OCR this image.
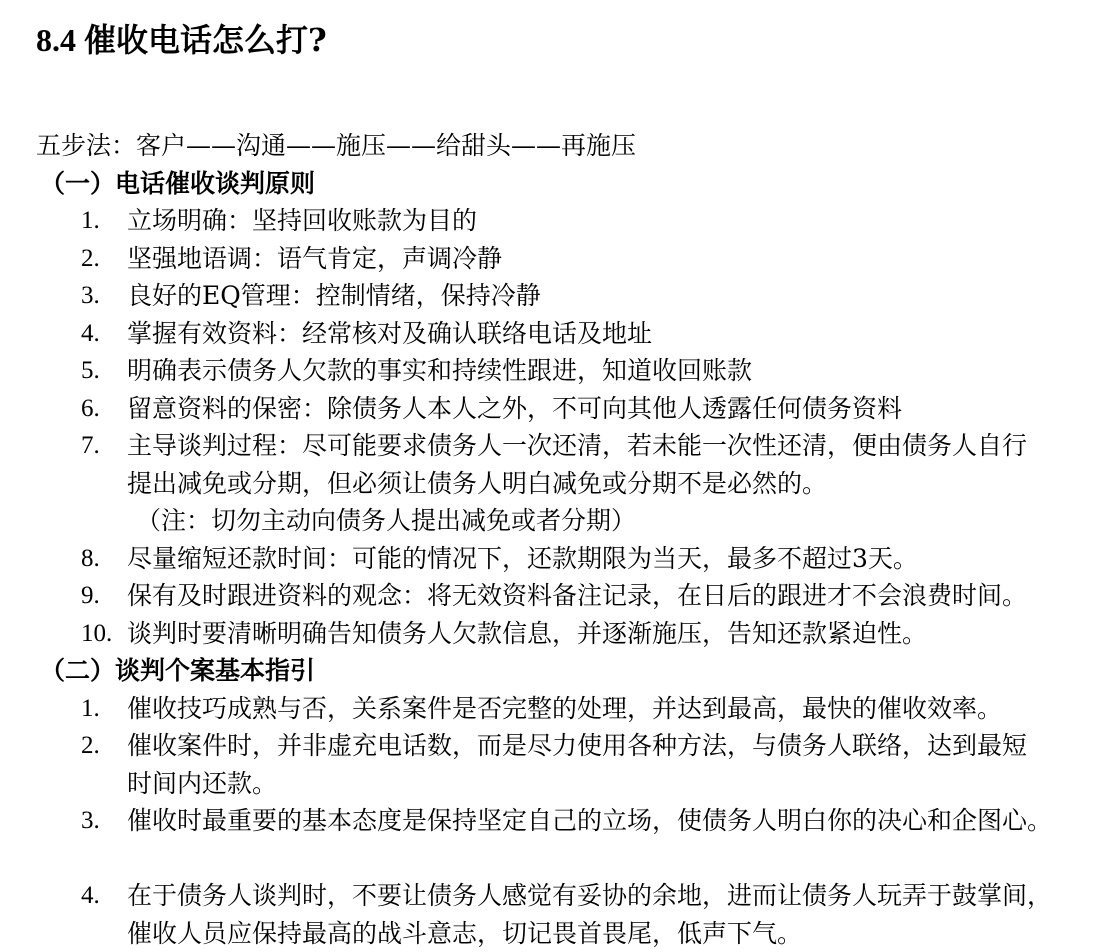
8.4 催收电话怎么打?
五步法：客户——沟通——施压——给甜头——再施压
（一）电话催收谈判原则
1.	立场明确：坚持回收账款为目的
2.	坚强地语调：语气肯定，声调冷静
3.	良好的EQ管理：控制情绪，保持冷静
4.	掌握有效资料：经常核对及确认联络电话及地址
5.	明确表示债务人欠款的事实和持续性跟进，知道收回账款
6.	留意资料的保密：除债务人本人之外，不可向其他人透露任何债务资料
7.	主导谈判过程：尽可能要求债务人一次还清，若未能一次性还清，便由债务人自行
提出减免或分期，但必须让债务人明白减免或分期不是必然的。
（注：切勿主动向债务人提出减免或者分期）
8.	尽量缩短还款时间：可能的情况下，还款期限为当天，最多不超过3天。
9.	保有及时跟进资料的观念：将无效资料备注记录，在日后的跟进才不会浪费时间。
10. 谈判时要清晰明确告知债务人欠款信息，并逐渐施压，告知还款紧迫性。
（二）谈判个案基本指引
1.	催收技巧成熟与否，关系案件是否完整的处理，并达到最高，最快的催收效率。
2.	催收案件时，并非虚充电话数，而是尽力使用各种方法，与债务人联络，达到最短
时间内还款。
3.	催收时最重要的基本态度是保持坚定自己的立场，使债务人明白你的决心和企图心。
4.	在于债务人谈判时，不要让债务人感觉有妥协的余地，进而让债务人玩弄于鼓掌间，
催收人员应保持最高的战斗意志，切记畏首畏尾，低声下气。
